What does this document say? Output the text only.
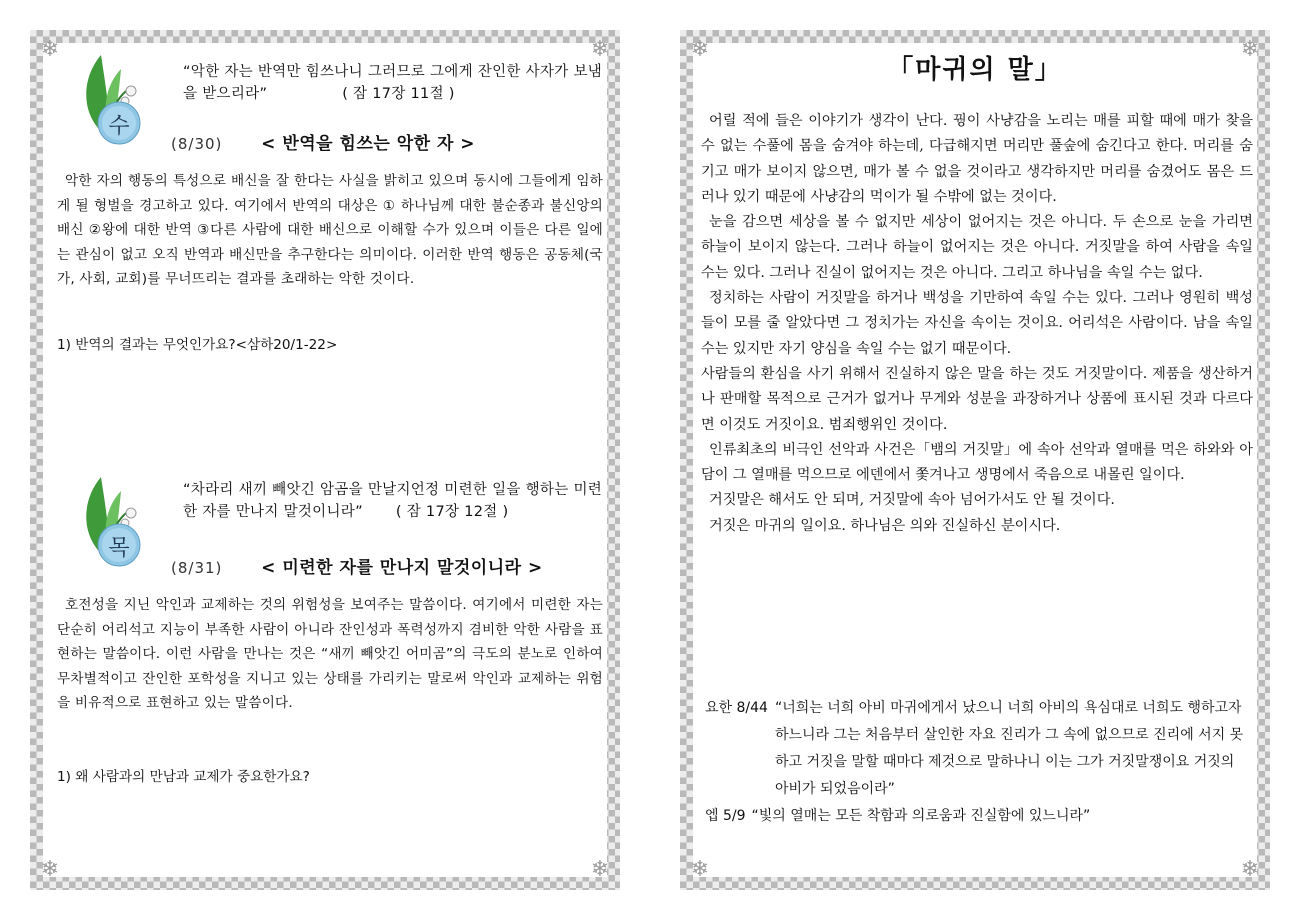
❄	❄
❄	❄
수
“악한 자는 반역만 힘쓰나니 그러므로 그에게 잔인한 사자가 보냄을 받으리라”	( 잠 17장 11절 )
(8/30) < 반역을 힘쓰는 악한 자 >
악한 자의 행동의 특성으로 배신을 잘 한다는 사실을 밝히고 있으며 동시에 그들에게 임하게 될 형벌을 경고하고 있다. 여기에서 반역의 대상은 ① 하나님께 대한 불순종과 불신앙의 배신 ②왕에 대한 반역 ③다른 사람에 대한 배신으로 이해할 수가 있으며 이들은 다른 일에는 관심이 없고 오직 반역과 배신만을 추구한다는 의미이다. 이러한 반역 행동은 공동체(국가, 사회, 교회)를 무너뜨리는 결과를 초래하는 악한 것이다.
1) 반역의 결과는 무엇인가요?<삼하20/1-22>
목
“차라리 새끼 빼앗긴 암곰을 만날지언정 미련한 일을 행하는 미련한 자를 만나지 말것이니라” ( 잠 17장 12절 )
(8/31) < 미련한 자를 만나지 말것이니라 >
호전성을 지닌 악인과 교제하는 것의 위험성을 보여주는 말씀이다. 여기에서 미련한 자는 단순히 어리석고 지능이 부족한 사람이 아니라 잔인성과 폭력성까지 겸비한 악한 사람을 표현하는 말씀이다. 이런 사람을 만나는 것은 “새끼 빼앗긴 어미곰”의 극도의 분노로 인하여 무차별적이고 잔인한 포학성을 지니고 있는 상태를 가리키는 말로써 악인과 교제하는 위험을 비유적으로 표현하고 있는 말씀이다.
1) 왜 사람과의 만남과 교제가 중요한가요?
❄	❄
❄	❄
「마귀의 말」

어릴 적에 들은 이야기가 생각이 난다. 꿩이 사냥감을 노리는 매를 피할 때에 매가 찾을 수 없는 수풀에 몸을 숨겨야 하는데, 다급해지면 머리만 풀숲에 숨긴다고 한다. 머리를 숨기고 매가 보이지 않으면, 매가 볼 수 없을 것이라고 생각하지만 머리를 숨겼어도 몸은 드러나 있기 때문에 사냥감의 먹이가 될 수밖에 없는 것이다.

눈을 감으면 세상을 볼 수 없지만 세상이 없어지는 것은 아니다. 두 손으로 눈을 가리면 하늘이 보이지 않는다. 그러나 하늘이 없어지는 것은 아니다. 거짓말을 하여 사람을 속일 수는 있다. 그러나 진실이 없어지는 것은 아니다. 그리고 하나님을 속일 수는 없다.

정치하는 사람이 거짓말을 하거나 백성을 기만하여 속일 수는 있다. 그러나 영원히 백성들이 모를 줄 알았다면 그 정치가는 자신을 속이는 것이요. 어리석은 사람이다. 남을 속일 수는 있지만 자기 양심을 속일 수는 없기 때문이다.

사람들의 환심을 사기 위해서 진실하지 않은 말을 하는 것도 거짓말이다. 제품을 생산하거나 판매할 목적으로 근거가 없거나 무게와 성분을 과장하거나 상품에 표시된 것과 다르다면 이것도 거짓이요. 범죄행위인 것이다.

인류최초의 비극인 선악과 사건은「뱀의 거짓말」에 속아 선악과 열매를 먹은 하와와 아담이 그 열매를 먹으므로 에덴에서 쫓겨나고 생명에서 죽음으로 내몰린 일이다.

거짓말은 해서도 안 되며, 거짓말에 속아 넘어가서도 안 될 것이다.

거짓은 마귀의 일이요. 하나님은 의와 진실하신 분이시다.

요한 8/44 “너희는 너희 아비 마귀에게서 났으니 너희 아비의 욕심대로 너희도 행하고자 하느니라 그는 처음부터 살인한 자요 진리가 그 속에 없으므로 진리에 서지 못하고 거짓을 말할 때마다 제것으로 말하나니 이는 그가 거짓말쟁이요 거짓의 아비가 되었음이라”
엡 5/9 “빛의 열매는 모든 착함과 의로움과 진실함에 있느니라”
